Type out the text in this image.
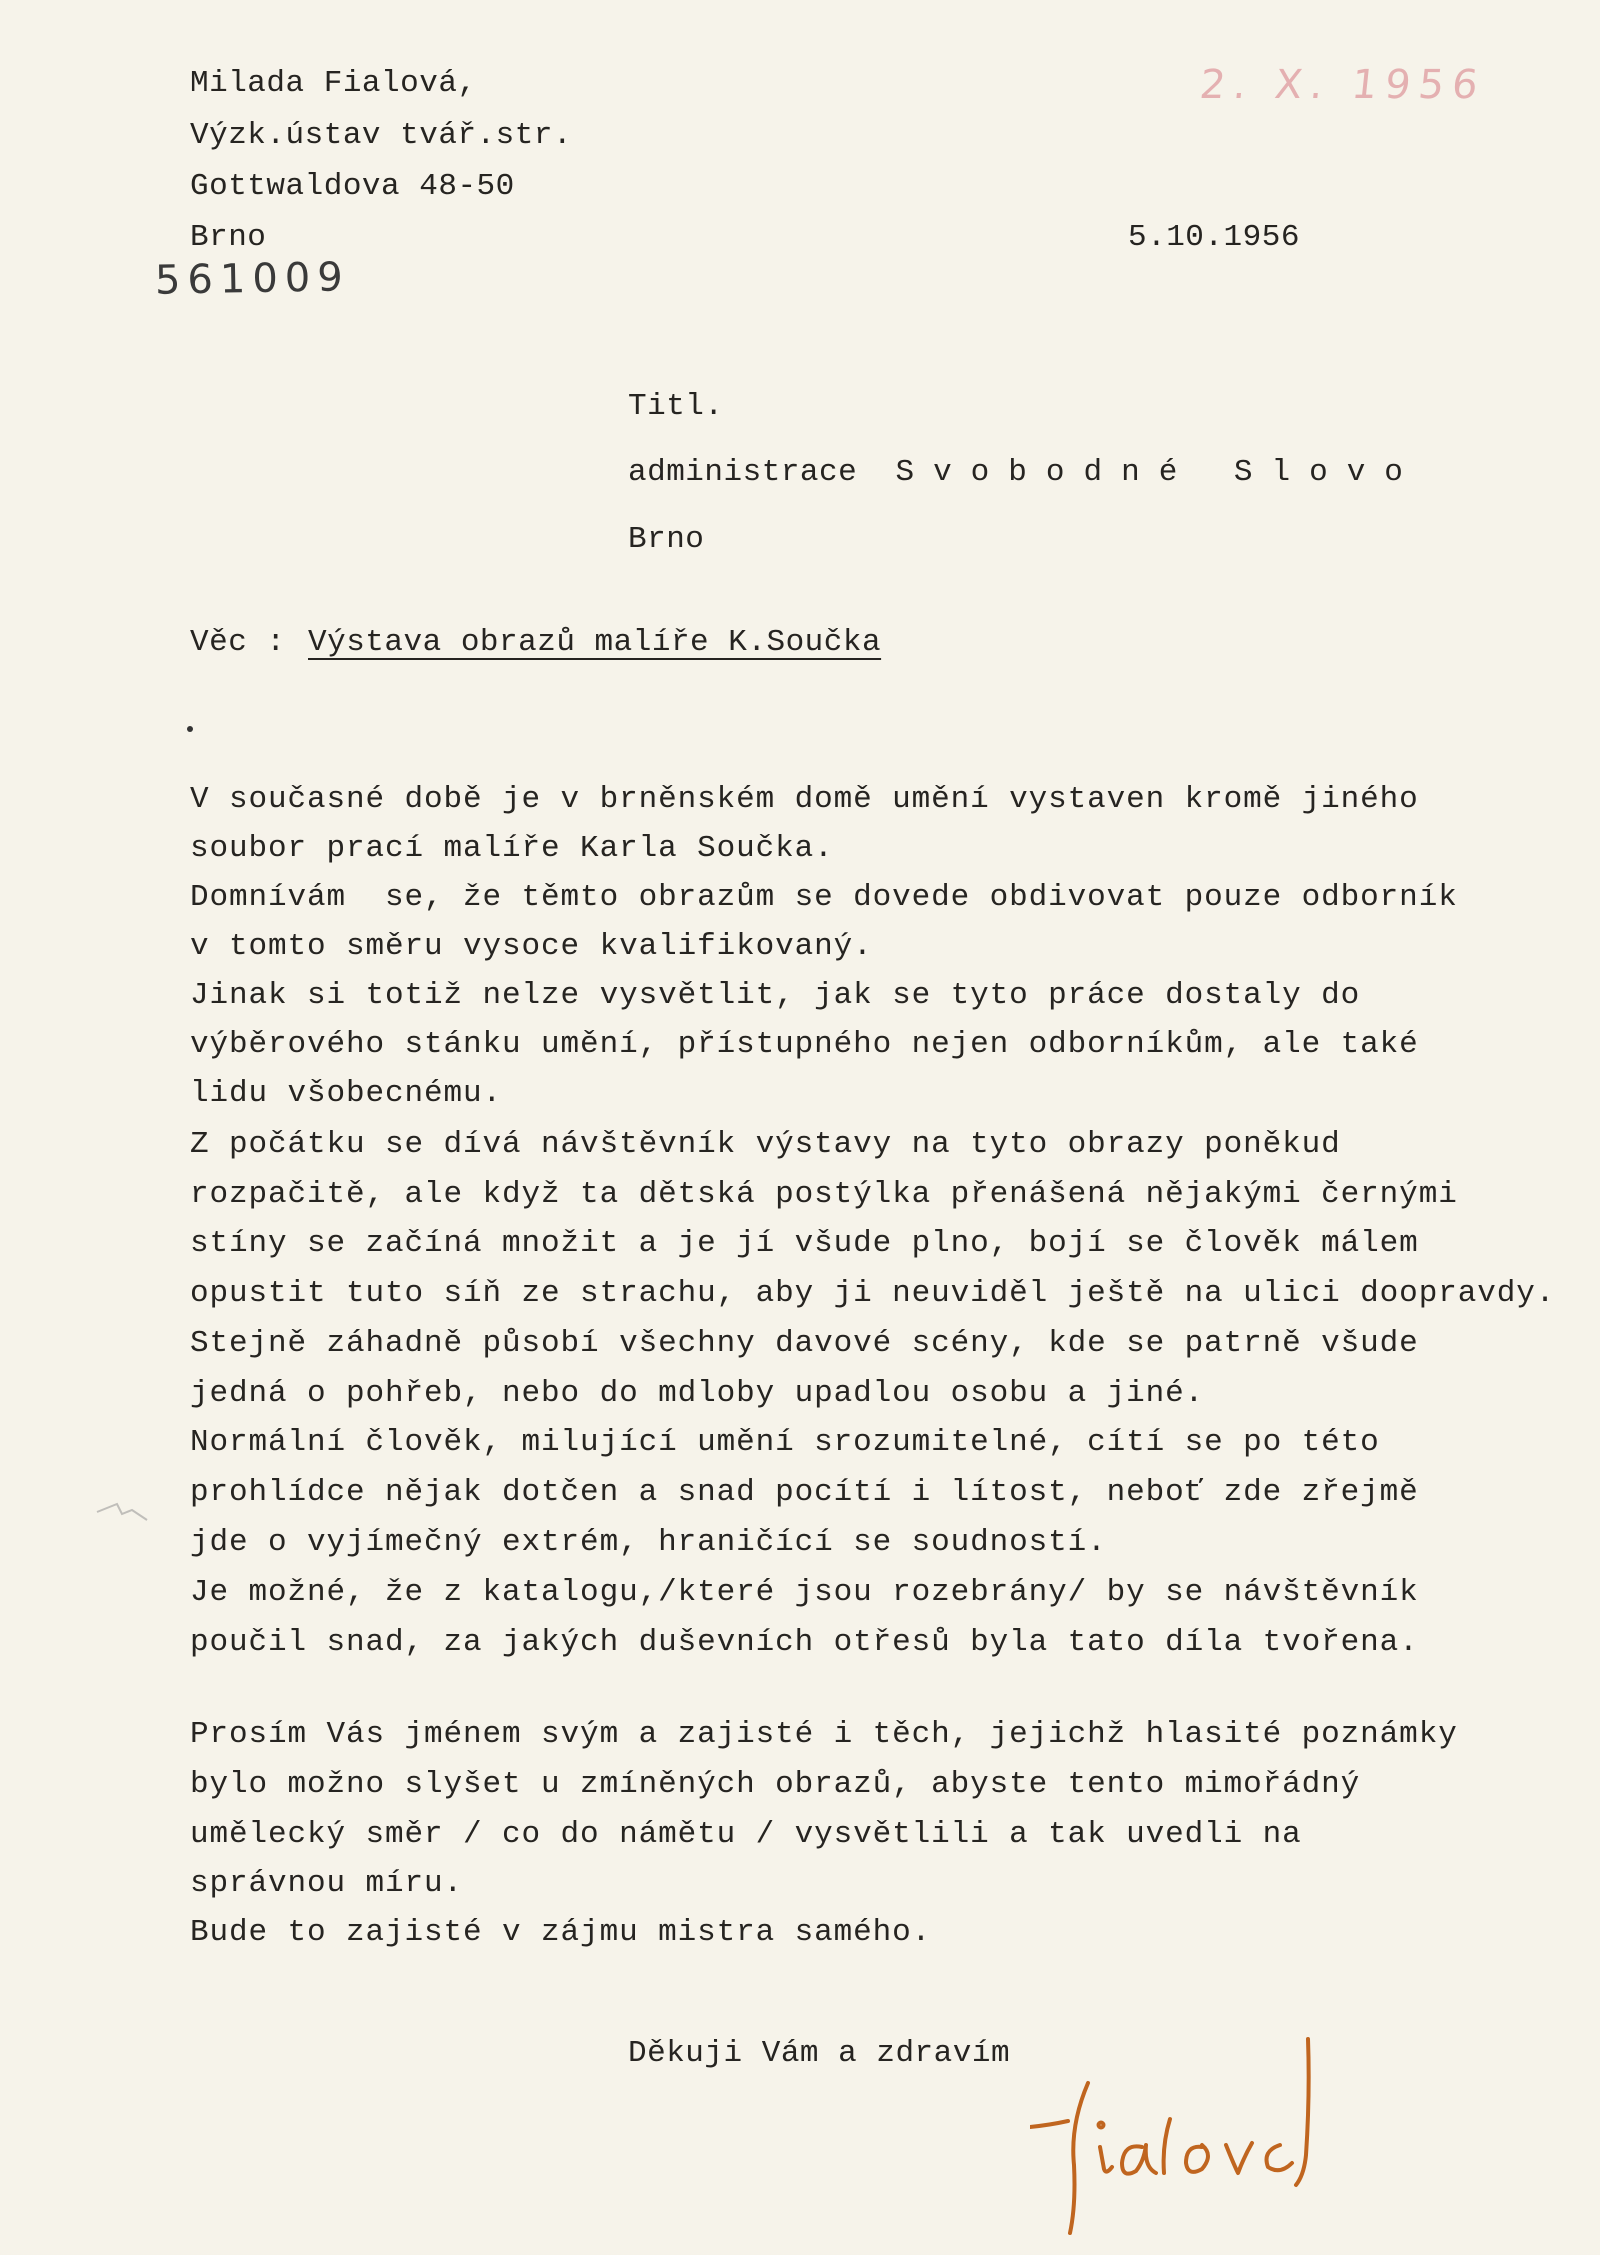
2. X. 1956
Milada Fialová,
Výzk.ústav tvář.str.
Gottwaldova 48-50
Brno	5.10.1956
561009
Titl.
administrace Svobodné Slovo
Brno
Věc : Výstava obrazů malíře K.Součka
V současné době je v brněnském domě umění vystaven kromě jiného
soubor prací malíře Karla Součka.
Domnívám  se, že těmto obrazům se dovede obdivovat pouze odborník
v tomto směru vysoce kvalifikovaný.
Jinak si totiž nelze vysvětlit, jak se tyto práce dostaly do
výběrového stánku umění, přístupného nejen odborníkům, ale také
lidu všobecnému.
Z počátku se dívá návštěvník výstavy na tyto obrazy poněkud
rozpačitě, ale když ta dětská postýlka přenášená nějakými černými
stíny se začíná množit a je jí všude plno, bojí se člověk málem
opustit tuto síň ze strachu, aby ji neuviděl ještě na ulici doopravdy.
Stejně záhadně působí všechny davové scény, kde se patrně všude
jedná o pohřeb, nebo do mdloby upadlou osobu a jiné.
Normální člověk, milující umění srozumitelné, cítí se po této
prohlídce nějak dotčen a snad pocítí i lítost, neboť zde zřejmě
jde o vyjímečný extrém, hraničící se soudností.
Je možné, že z katalogu,/které jsou rozebrány/ by se návštěvník
poučil snad, za jakých duševních otřesů byla tato díla tvořena.
Prosím Vás jménem svým a zajisté i těch, jejichž hlasité poznámky
bylo možno slyšet u zmíněných obrazů, abyste tento mimořádný
umělecký směr / co do námětu / vysvětlili a tak uvedli na
správnou míru.
Bude to zajisté v zájmu mistra samého.
Děkuji Vám a zdravím
